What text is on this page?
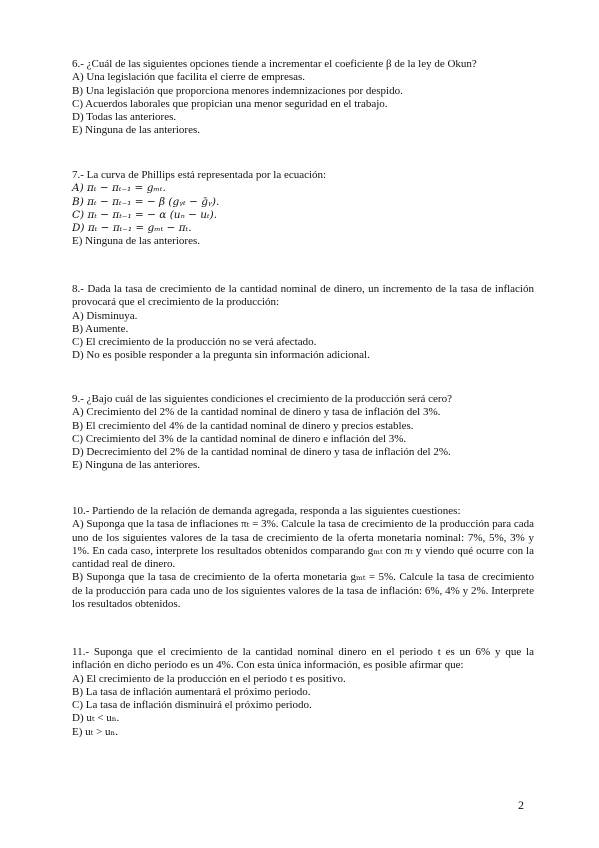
6.- ¿Cuál de las siguientes opciones tiende a incrementar el coeficiente β de la ley de Okun?
A) Una legislación que facilita el cierre de empresas.
B) Una legislación que proporciona menores indemnizaciones por despido.
C) Acuerdos laborales que propician una menor seguridad en el trabajo.
D) Todas las anteriores.
E) Ninguna de las anteriores.
7.- La curva de Phillips está representada por la ecuación:
A) πₜ − πₜ₋₁ = gₘₜ.
B) πₜ − πₜ₋₁ = − β (gᵧₜ − ḡᵧ).
C) πₜ − πₜ₋₁ = − α (uₙ − uₜ).
D) πₜ − πₜ₋₁ = gₘₜ − πₜ.
E) Ninguna de las anteriores.
8.- Dada la tasa de crecimiento de la cantidad nominal de dinero, un incremento de la tasa de inflación provocará que el crecimiento de la producción:
A) Disminuya.
B) Aumente.
C) El crecimiento de la producción no se verá afectado.
D) No es posible responder a la pregunta sin información adicional.
9.- ¿Bajo cuál de las siguientes condiciones el crecimiento de la producción será cero?
A) Crecimiento del 2% de la cantidad nominal de dinero y tasa de inflación del 3%.
B) El crecimiento del 4% de la cantidad nominal de dinero y precios estables.
C) Crecimiento del 3% de la cantidad nominal de dinero e inflación del 3%.
D) Decrecimiento del 2% de la cantidad nominal de dinero y tasa de inflación del 2%.
E) Ninguna de las anteriores.
10.- Partiendo de la relación de demanda agregada, responda a las siguientes cuestiones:
A) Suponga que la tasa de inflaciones πₜ = 3%. Calcule la tasa de crecimiento de la producción para cada uno de los siguientes valores de la tasa de crecimiento de la oferta monetaria nominal: 7%, 5%, 3% y 1%. En cada caso, interprete los resultados obtenidos comparando gₘₜ con πₜ y viendo qué ocurre con la cantidad real de dinero.
B) Suponga que la tasa de crecimiento de la oferta monetaria gₘₜ = 5%. Calcule la tasa de crecimiento de la producción para cada uno de los siguientes valores de la tasa de inflación: 6%, 4% y 2%. Interprete los resultados obtenidos.
11.- Suponga que el crecimiento de la cantidad nominal dinero en el periodo t es un 6% y que la inflación en dicho periodo es un 4%. Con esta única información, es posible afirmar que:
A) El crecimiento de la producción en el periodo t es positivo.
B) La tasa de inflación aumentará el próximo periodo.
C) La tasa de inflación disminuirá el próximo periodo.
D) uₜ < uₙ.
E) uₜ > uₙ.
2
